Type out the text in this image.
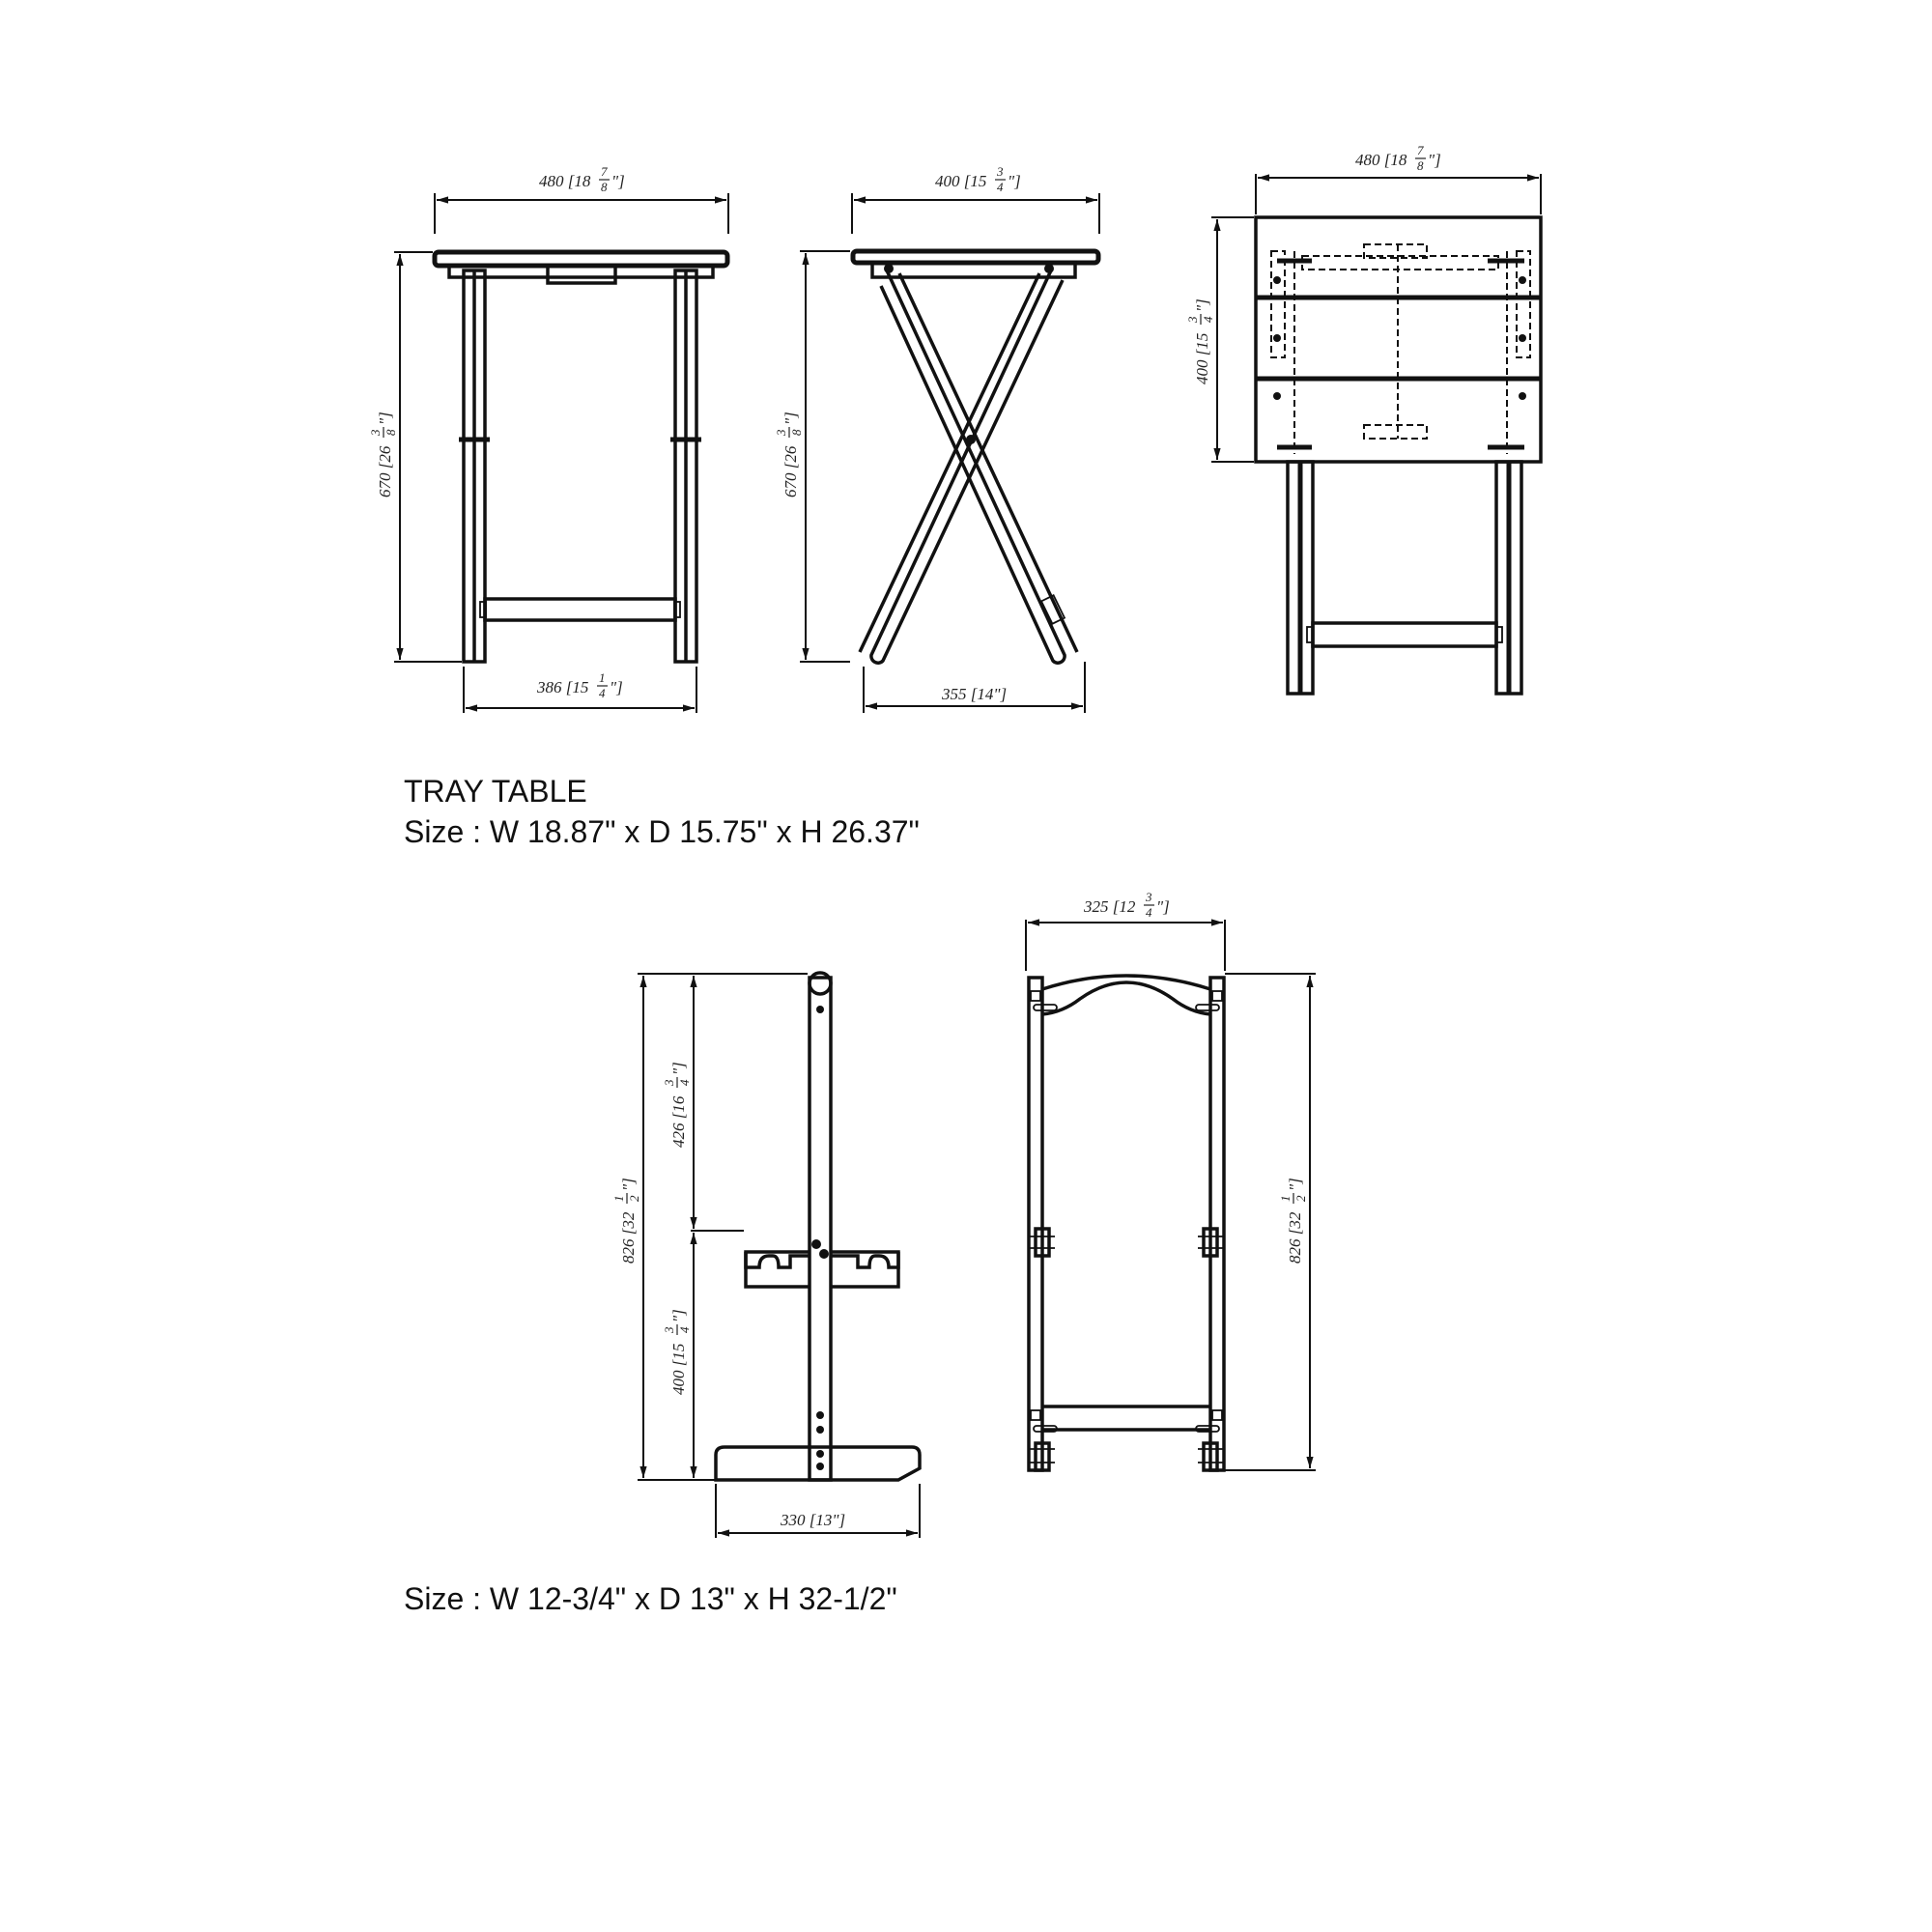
480 [18
7
8 "]
670 [26
3 8
"]
386 [15
1
4 "]
400 [15
3
4 "]
670 [26
3 8
"]
355 [14"]
480 [18
7
8 "]
400 [15
3 4
"]
826 [32
1 2
"]
426 [16
3 4
"]
400 [15
3 4
"]
330 [13"]
325 [12
3
4 "]
826 [32
1 2
"]
TRAY TABLE
Size : W 18.87" x D 15.75" x H 26.37"
Size : W 12-3/4" x D 13" x H 32-1/2"
